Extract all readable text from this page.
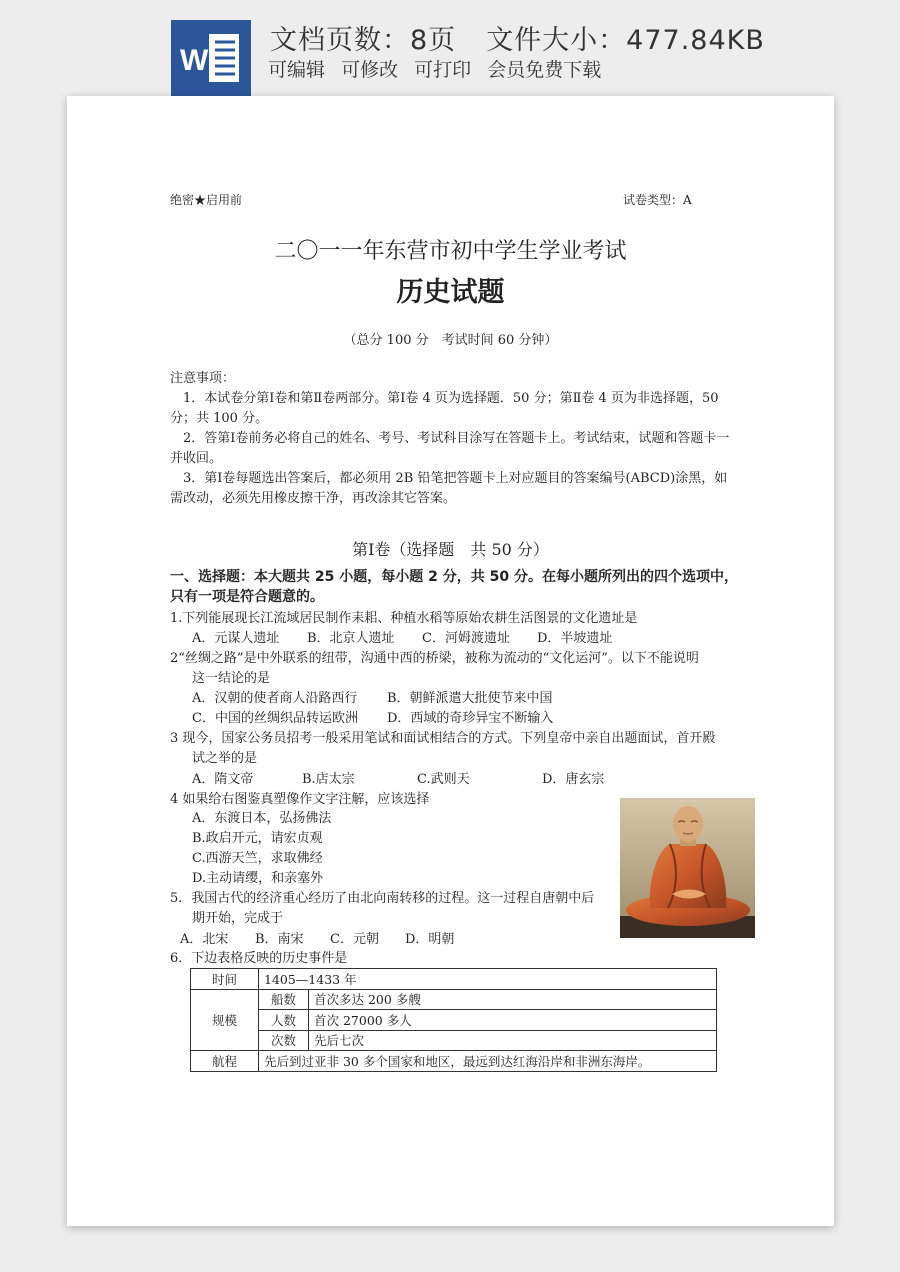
W
文档页数：8页 文件大小：477.84KB
可编辑 可修改 可打印 会员免费下载
绝密★启用前	试卷类型：A
二〇一一年东营市初中学生学业考试
历史试题
（总分 100 分　考试时间 60 分钟）
注意事项：
　1．本试卷分第Ⅰ卷和第Ⅱ卷两部分。第Ⅰ卷 4 页为选择题．50 分；第Ⅱ卷 4 页为非选择题，50 分；共 100 分。
　2．答第Ⅰ卷前务必将自己的姓名、考号、考试科目涂写在答题卡上。考试结束，试题和答题卡一并收回。
　3．第Ⅰ卷每题选出答案后，都必须用 2B 铅笔把答题卡上对应题目的答案编号(ABCD)涂黑，如需改动，必须先用橡皮擦干净，再改涂其它答案。
第Ⅰ卷（选择题　共 50 分）
一、选择题：本大题共 25 小题，每小题 2 分，共 50 分。在每小题所列出的四个选项中，只有一项是符合题意的。
1.下列能展现长江流域居民制作耒耜、种植水稻等原始农耕生活图景的文化遗址是
A．元谋人遗址 B．北京人遗址 C．河姆渡遗址 D．半坡遗址
2“丝绸之路”是中外联系的纽带，沟通中西的桥梁，被称为流动的“文化运河”。以下不能说明
这一结论的是
A．汉朝的使者商人沿路西行 B．朝鲜派遣大批使节来中国
C．中国的丝绸织品转运欧洲 D．西域的奇珍异宝不断输入
3 现今，国家公务员招考一般采用笔试和面试相结合的方式。下列皇帝中亲自出题面试，首开殿
试之举的是
A．隋文帝	B.店太宗	C.武则天	D．唐玄宗
4 如果给右图鉴真塑像作文字注解，应该选择
A．东渡日本，弘扬佛法
B.政启开元，请宏贞观
C.西游天竺，求取佛经
D.主动请缨，和亲塞外
5．我国古代的经济重心经历了由北向南转移的过程。这一过程自唐朝中后
期开始，完成于
A．北宋 B．南宋 C．元朝 D．明朝
6．下边表格反映的历史事件是
时间	1405—1433 年	
规模	船数	首次多达 200 多艘
	人数	首次 27000 多人
	次数	先后七次
航程	先后到过亚非 30 多个国家和地区，最远到达红海沿岸和非洲东海岸。	
